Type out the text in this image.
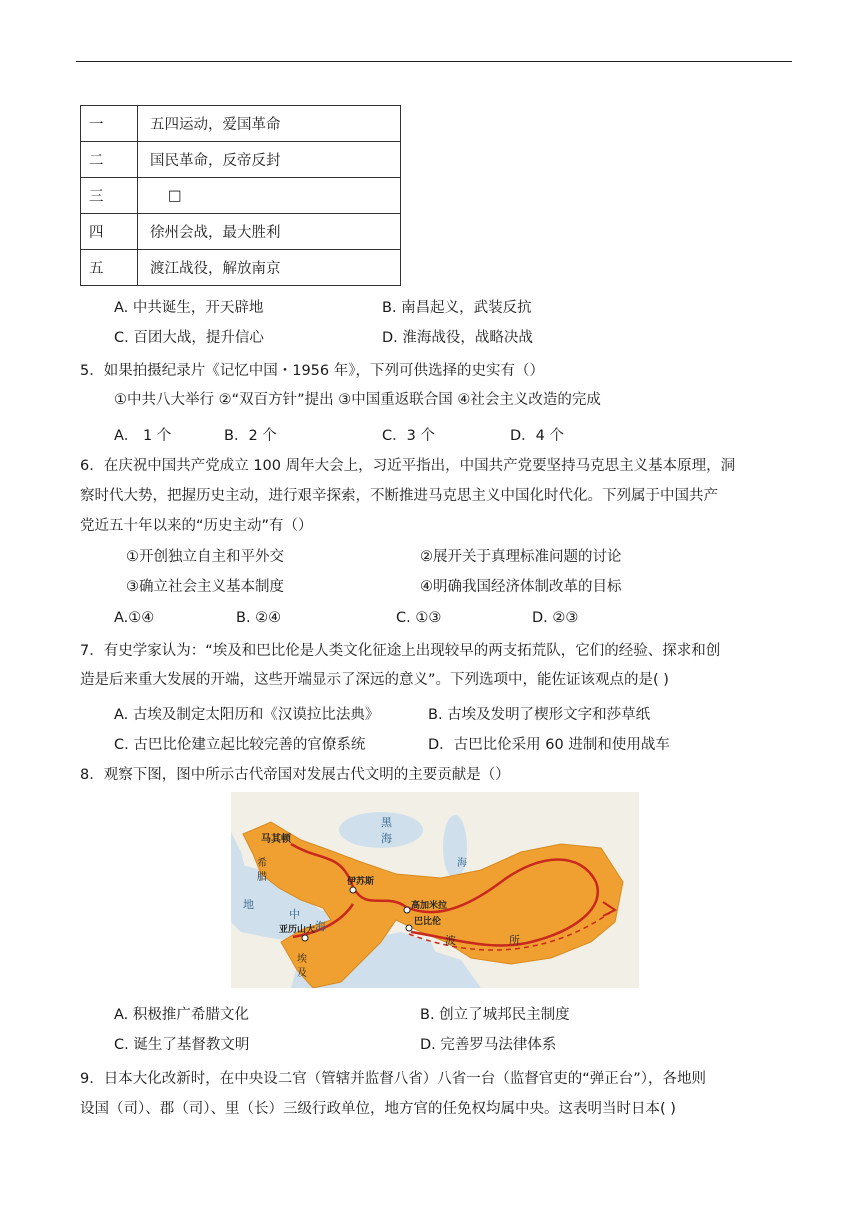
一	五四运动，爱国革命
二	国民革命，反帝反封
三	□
四	徐州会战，最大胜利
五	渡江战役，解放南京
A. 中共诞生，开天辟地	B. 南昌起义，武装反抗
C. 百团大战，提升信心	D. 淮海战役，战略决战
5．如果拍摄纪录片《记忆中国・1956 年》，下列可供选择的史实有（）
①中共八大举行 ②“双百方针”提出 ③中国重返联合国 ④社会主义改造的完成
A． 1 个	B．2 个	C．3 个	D．4 个
6．在庆祝中国共产党成立 100 周年大会上，习近平指出，中国共产党要坚持马克思主义基本原理，洞
察时代大势，把握历史主动，进行艰辛探索，不断推进马克思主义中国化时代化。下列属于中国共产
党近五十年以来的“历史主动”有（）
①开创独立自主和平外交	②展开关于真理标准问题的讨论
③确立社会主义基本制度	④明确我国经济体制改革的目标
A.①④	B. ②④	C. ①③	D. ②③
7．有史学家认为：“埃及和巴比伦是人类文化征途上出现较早的两支拓荒队，它们的经验、探求和创
造是后来重大发展的开端，这些开端显示了深远的意义”。下列选项中，能佐证该观点的是( )
A. 古埃及制定太阳历和《汉谟拉比法典》	B. 古埃及发明了楔形文字和莎草纸
C. 古巴比伦建立起比较完善的官僚系统	D．古巴比伦采用 60 进制和使用战车
8．观察下图，图中所示古代帝国对发展古代文明的主要贡献是（）
马其顿
希
腊
黑
海
地
中
海
海
伊苏斯
高加米拉
巴比伦
亚历山大
埃
及
波	所
A. 积极推广希腊文化	B. 创立了城邦民主制度
C. 诞生了基督教文明	D. 完善罗马法律体系
9．日本大化改新时，在中央设二官（管辖并监督八省）八省一台（监督官吏的“弹正台”），各地则
设国（司）、郡（司）、里（长）三级行政单位，地方官的任免权均属中央。这表明当时日本( )
